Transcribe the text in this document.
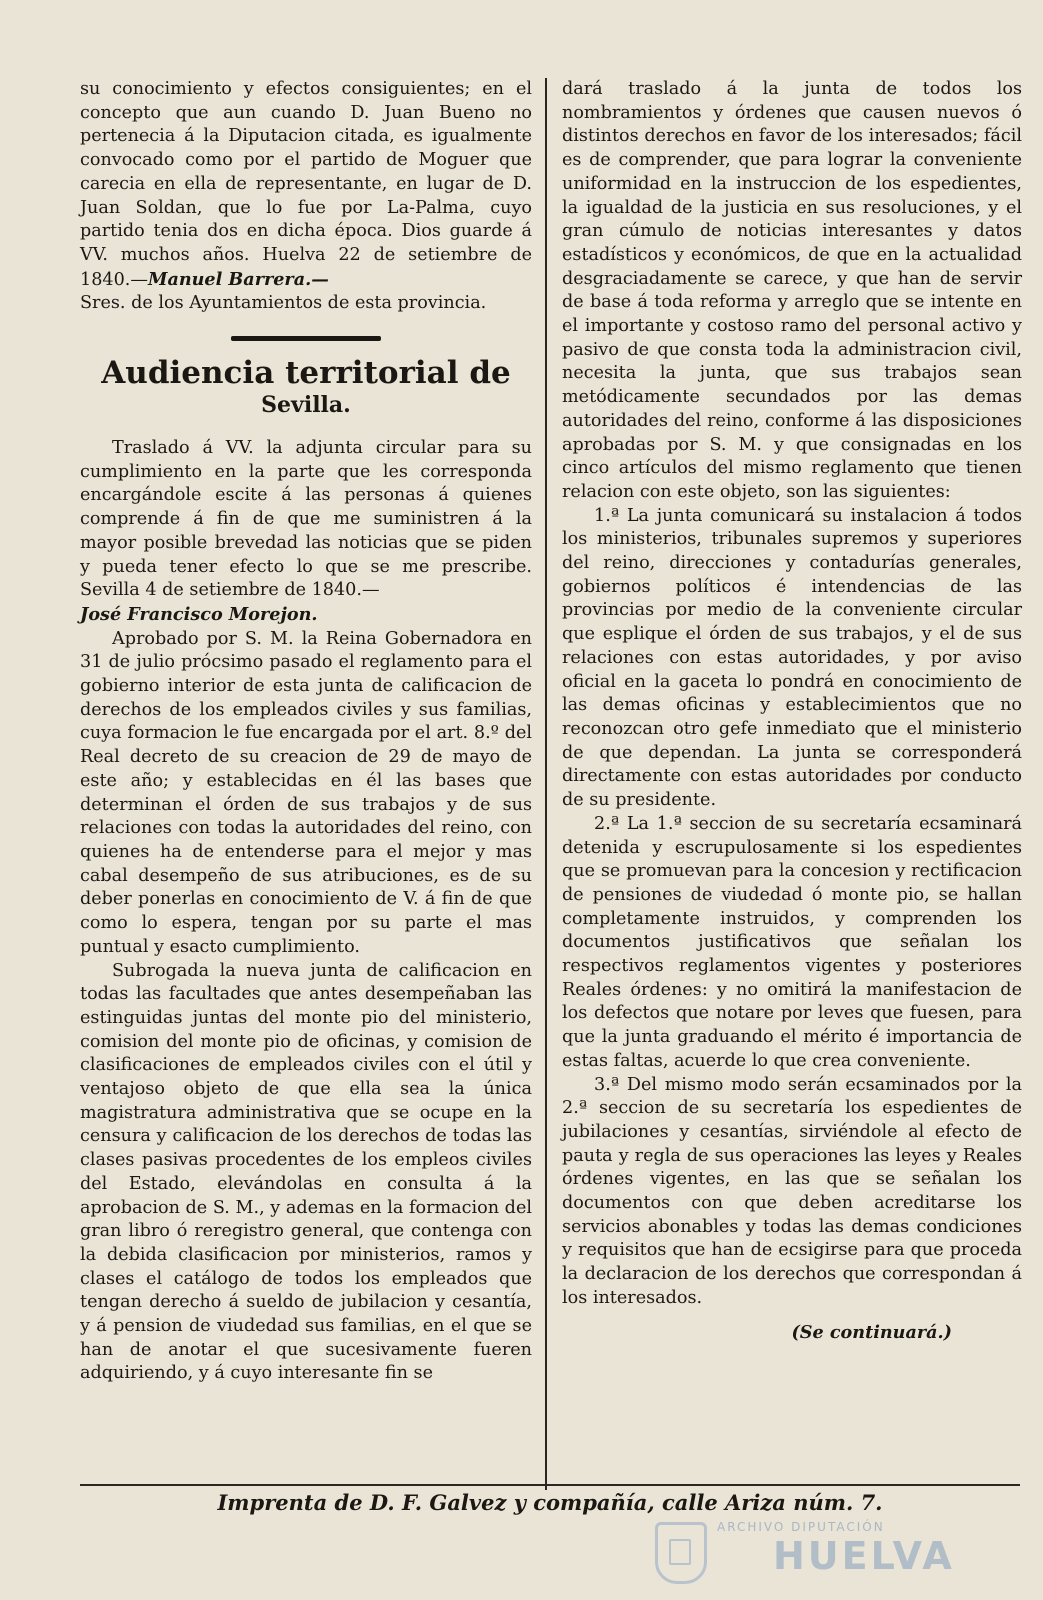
su conocimiento y efectos consiguientes; en el concepto que aun cuando D. Juan Bueno no pertenecia á la Diputacion citada, es igualmente convocado como por el partido de Moguer que carecia en ella de representante, en lugar de D. Juan Soldan, que lo fue por La-Palma, cuyo partido tenia dos en dicha época. Dios guarde á VV. muchos años. Huelva 22 de setiembre de 1840.—Manuel Barrera.—

Sres. de los Ayuntamientos de esta provincia.

Audiencia territorial de
Sevilla.

Traslado á VV. la adjunta circular para su cumplimiento en la parte que les corresponda encargándole escite á las personas á quienes comprende á fin de que me suministren á la mayor posible brevedad las noticias que se piden y pueda tener efecto lo que se me prescribe. Sevilla 4 de setiembre de 1840.—

José Francisco Morejon.

Aprobado por S. M. la Reina Gobernadora en 31 de julio prócsimo pasado el reglamento para el gobierno interior de esta junta de calificacion de derechos de los empleados civiles y sus familias, cuya formacion le fue encargada por el art. 8.º del Real decreto de su creacion de 29 de mayo de este año; y establecidas en él las bases que determinan el órden de sus trabajos y de sus relaciones con todas la autoridades del reino, con quienes ha de entenderse para el mejor y mas cabal desempeño de sus atribuciones, es de su deber ponerlas en conocimiento de V. á fin de que como lo espera, tengan por su parte el mas puntual y esacto cumplimiento.

Subrogada la nueva junta de calificacion en todas las facultades que antes desempeñaban las estinguidas juntas del monte pio del ministerio, comision del monte pio de oficinas, y comision de clasificaciones de empleados civiles con el útil y ventajoso objeto de que ella sea la única magistratura administrativa que se ocupe en la censura y calificacion de los derechos de todas las clases pasivas procedentes de los empleos civiles del Estado, elevándolas en consulta á la aprobacion de S. M., y ademas en la formacion del gran libro ó reregistro general, que contenga con la debida clasificacion por ministerios, ramos y clases el catálogo de todos los empleados que tengan derecho á sueldo de jubilacion y cesantía, y á pension de viudedad sus familias, en el que se han de anotar el que sucesivamente fueren adquiriendo, y á cuyo interesante fin se

dará traslado á la junta de todos los nombramientos y órdenes que causen nuevos ó distintos derechos en favor de los interesados; fácil es de comprender, que para lograr la conveniente uniformidad en la instruccion de los espedientes, la igualdad de la justicia en sus resoluciones, y el gran cúmulo de noticias interesantes y datos estadísticos y económicos, de que en la actualidad desgraciadamente se carece, y que han de servir de base á toda reforma y arreglo que se intente en el importante y costoso ramo del personal activo y pasivo de que consta toda la administracion civil, necesita la junta, que sus trabajos sean metódicamente secundados por las demas autoridades del reino, conforme á las disposiciones aprobadas por S. M. y que consignadas en los cinco artículos del mismo reglamento que tienen relacion con este objeto, son las siguientes:

1.ª La junta comunicará su instalacion á todos los ministerios, tribunales supremos y superiores del reino, direcciones y contadurías generales, gobiernos políticos é intendencias de las provincias por medio de la conveniente circular que esplique el órden de sus trabajos, y el de sus relaciones con estas autoridades, y por aviso oficial en la gaceta lo pondrá en conocimiento de las demas oficinas y establecimientos que no reconozcan otro gefe inmediato que el ministerio de que dependan. La junta se corresponderá directamente con estas autoridades por conducto de su presidente.

2.ª La 1.ª seccion de su secretaría ecsaminará detenida y escrupulosamente si los espedientes que se promuevan para la concesion y rectificacion de pensiones de viudedad ó monte pio, se hallan completamente instruidos, y comprenden los documentos justificativos que señalan los respectivos reglamentos vigentes y posteriores Reales órdenes: y no omitirá la manifestacion de los defectos que notare por leves que fuesen, para que la junta graduando el mérito é importancia de estas faltas, acuerde lo que crea conveniente.

3.ª Del mismo modo serán ecsaminados por la 2.ª seccion de su secretaría los espedientes de jubilaciones y cesantías, sirviéndole al efecto de pauta y regla de sus operaciones las leyes y Reales órdenes vigentes, en las que se señalan los documentos con que deben acreditarse los servicios abonables y todas las demas condiciones y requisitos que han de ecsigirse para que proceda la declaracion de los derechos que correspondan á los interesados.

(Se continuará.)

Imprenta de D. F. Galvez y compañía, calle Ariza núm. 7.
ARCHIVO DIPUTACIÓN
HUELVA
